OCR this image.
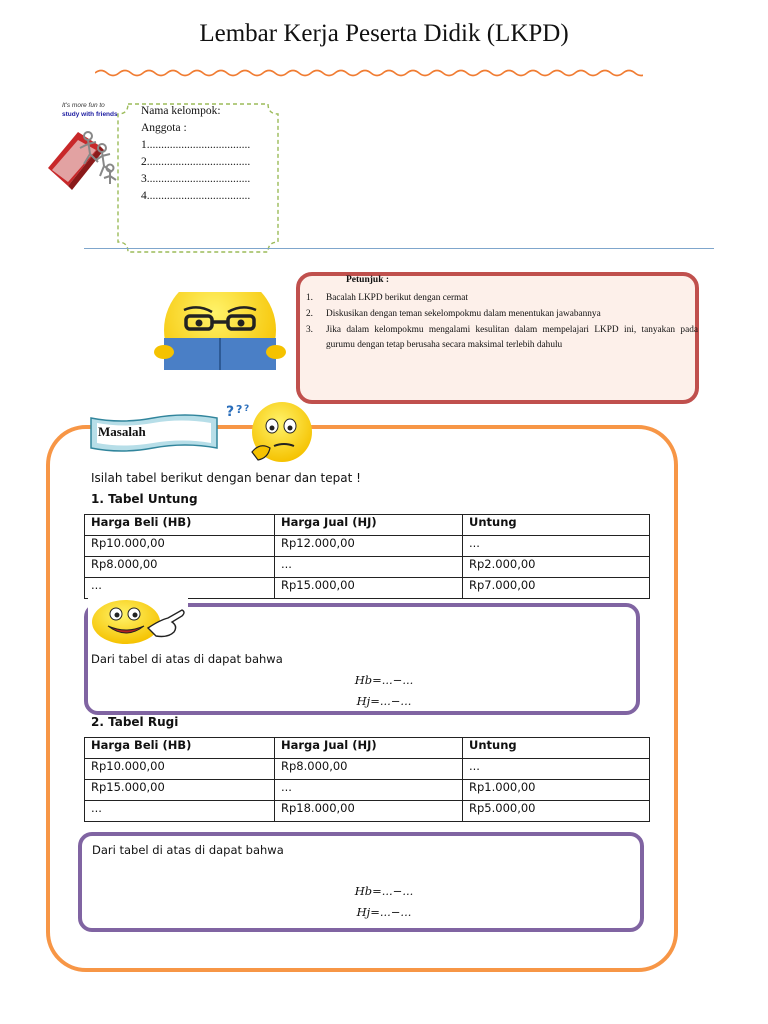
Lembar Kerja Peserta Didik (LKPD)
It's more fun to
study with friends	Nama kelompok:
Anggota :
1....................................
2....................................
3....................................
4....................................
Petunjuk :
1.	Bacalah LKPD berikut dengan cermat
2.	Diskusikan dengan teman sekelompokmu dalam menentukan jawabannya
3.	Jika dalam kelompokmu mengalami kesulitan dalam mempelajari LKPD ini, tanyakan pada gurumu dengan tetap berusaha secara maksimal terlebih dahulu
Masalah
? ? ?
Isilah tabel berikut dengan benar dan tepat !
1. Tabel Untung
Harga Beli (HB)	Harga Jual (HJ)	Untung
Rp10.000,00	Rp12.000,00	...
Rp8.000,00	...	Rp2.000,00
...	Rp15.000,00	Rp7.000,00
Dari tabel di atas di dapat bahwa
Hb=...−...
Hj=...−...
2. Tabel Rugi
Harga Beli (HB)	Harga Jual (HJ)	Untung
Rp10.000,00	Rp8.000,00	...
Rp15.000,00	...	Rp1.000,00
...	Rp18.000,00	Rp5.000,00
Dari tabel di atas di dapat bahwa
Hb=...−...
Hj=...−...
